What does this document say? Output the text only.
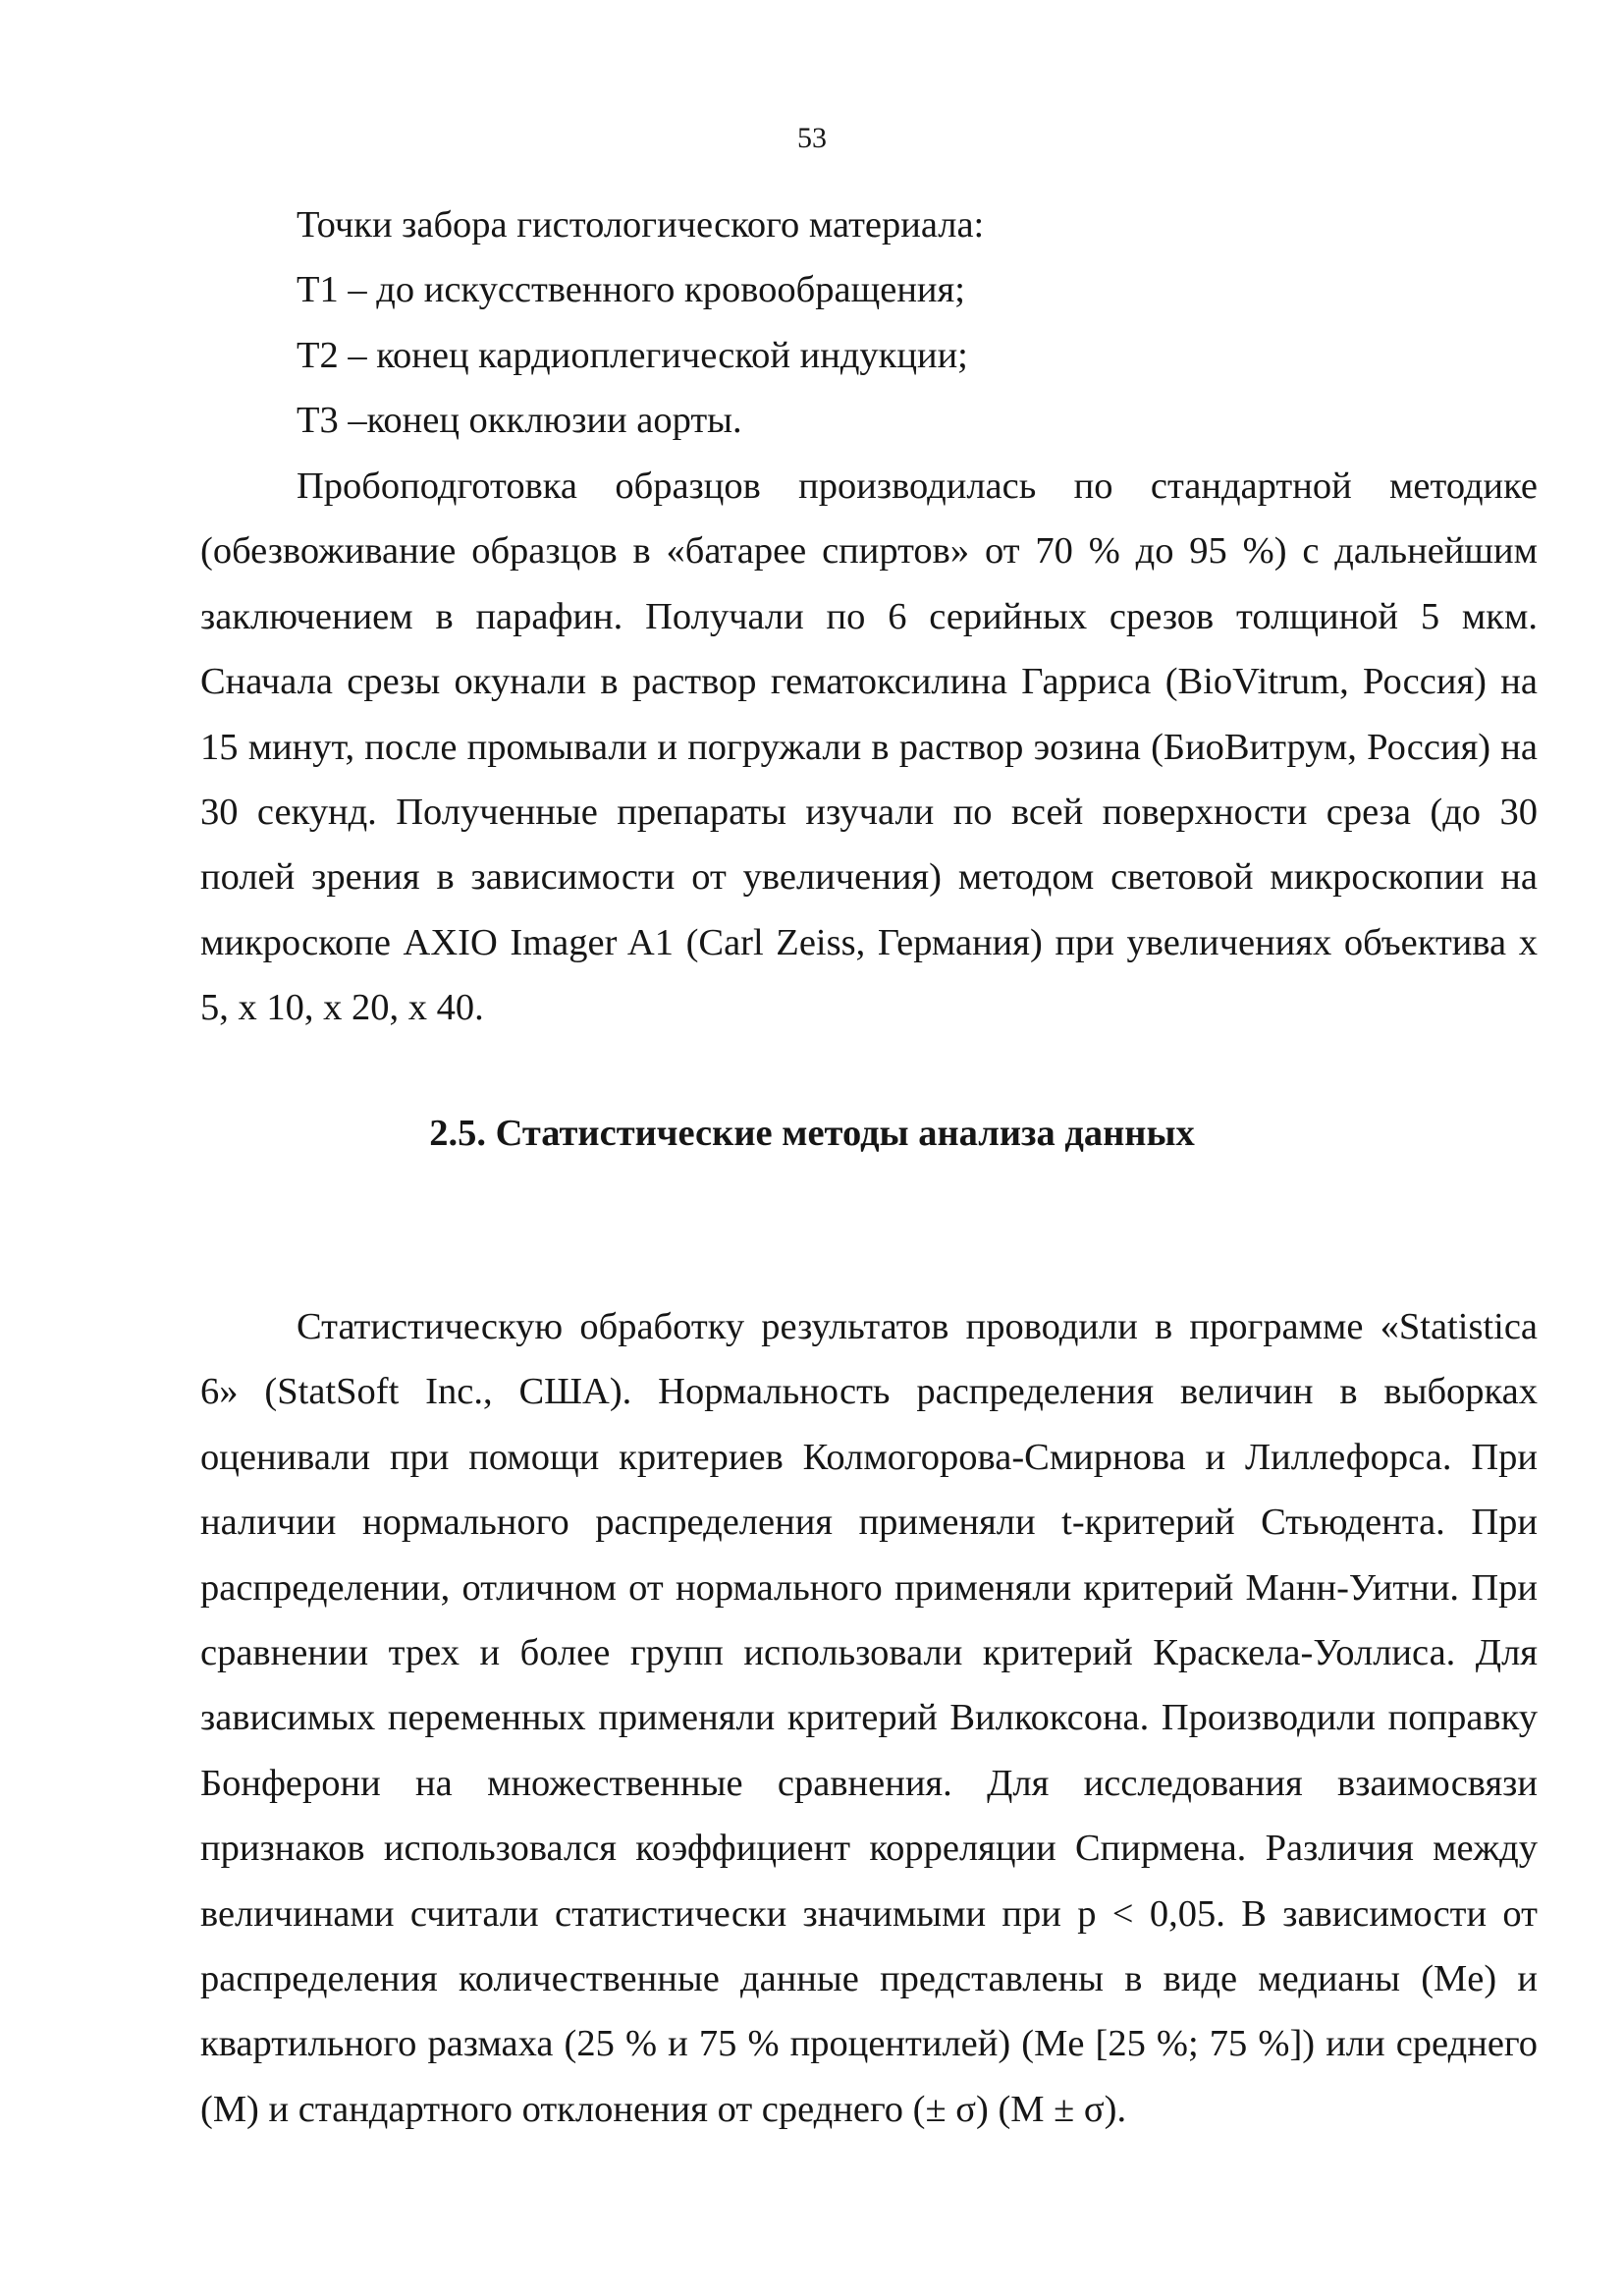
53
Точки забора гистологического материала:
Т1 – до искусственного кровообращения;
Т2 – конец кардиоплегической индукции;
Т3 –конец окклюзии аорты.

Пробоподготовка образцов производилась по стандартной методике (обезвоживание образцов в «батарее спиртов» от 70 % до 95 %) с дальнейшим заключением в парафин. Получали по 6 серийных срезов толщиной 5 мкм. Сначала срезы окунали в раствор гематоксилина Гарриса (BioVitrum, Россия) на 15 минут, после промывали и погружали в раствор эозина (БиоВитрум, Россия) на 30 секунд. Полученные препараты изучали по всей поверхности среза (до 30 полей зрения в зависимости от увеличения) методом световой микроскопии на микроскопе AXIO Imager A1 (Carl Zeiss, Германия) при увеличениях объектива х 5, х 10, х 20, х 40.

2.5. Статистические методы анализа данных

Статистическую обработку результатов проводили в программе «Statistica 6» (StatSoft Inc., США). Нормальность распределения величин в выборках оценивали при помощи критериев Колмогорова-Смирнова и Лиллефорса. При наличии нормального распределения применяли t-критерий Стьюдента. При распределении, отличном от нормального применяли критерий Манн-Уитни. При сравнении трех и более групп использовали критерий Краскела-Уоллиса. Для зависимых переменных применяли критерий Вилкоксона. Производили поправку Бонферони на множественные сравнения. Для исследования взаимосвязи признаков использовался коэффициент корреляции Спирмена. Различия между величинами считали статистически значимыми при p < 0,05. В зависимости от распределения количественные данные представлены в виде медианы (Me) и квартильного размаха (25 % и 75 % процентилей) (Me [25 %; 75 %]) или среднего (M) и стандартного отклонения от среднего (± σ) (M ± σ).
